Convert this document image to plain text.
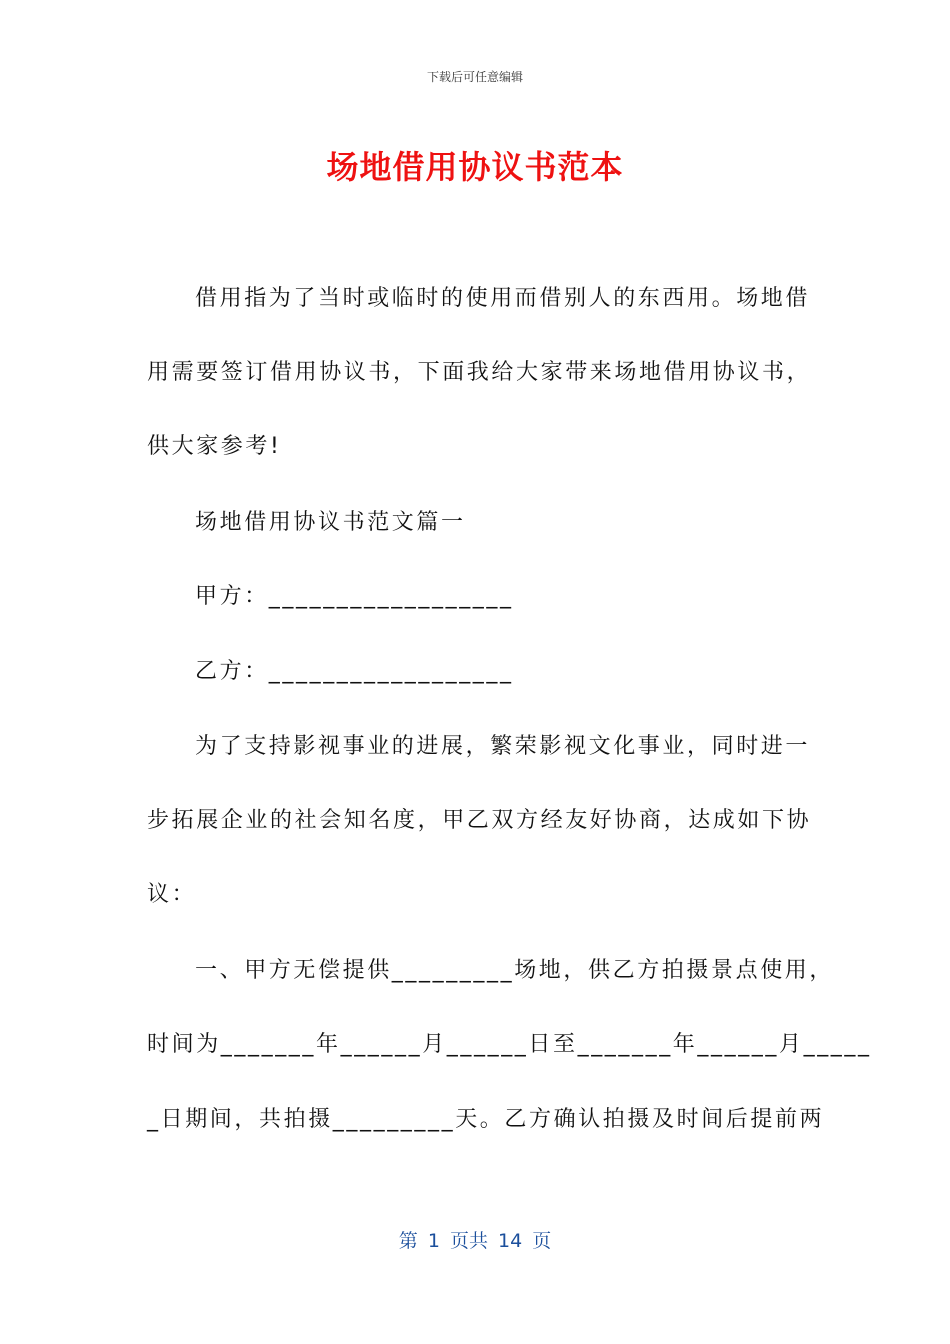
下载后可任意编辑
场地借用协议书范本
借用指为了当时或临时的使用而借别人的东西用。场地借
用需要签订借用协议书，下面我给大家带来场地借用协议书，
供大家参考!
场地借用协议书范文篇一
甲方：__________________
乙方：__________________
为了支持影视事业的进展，繁荣影视文化事业，同时进一
步拓展企业的社会知名度，甲乙双方经友好协商，达成如下协
议：
一、甲方无偿提供_________场地，供乙方拍摄景点使用，
时间为_______年______月______日至_______年______月_____
_日期间，共拍摄_________天。乙方确认拍摄及时间后提前两
第 1 页共 14 页
